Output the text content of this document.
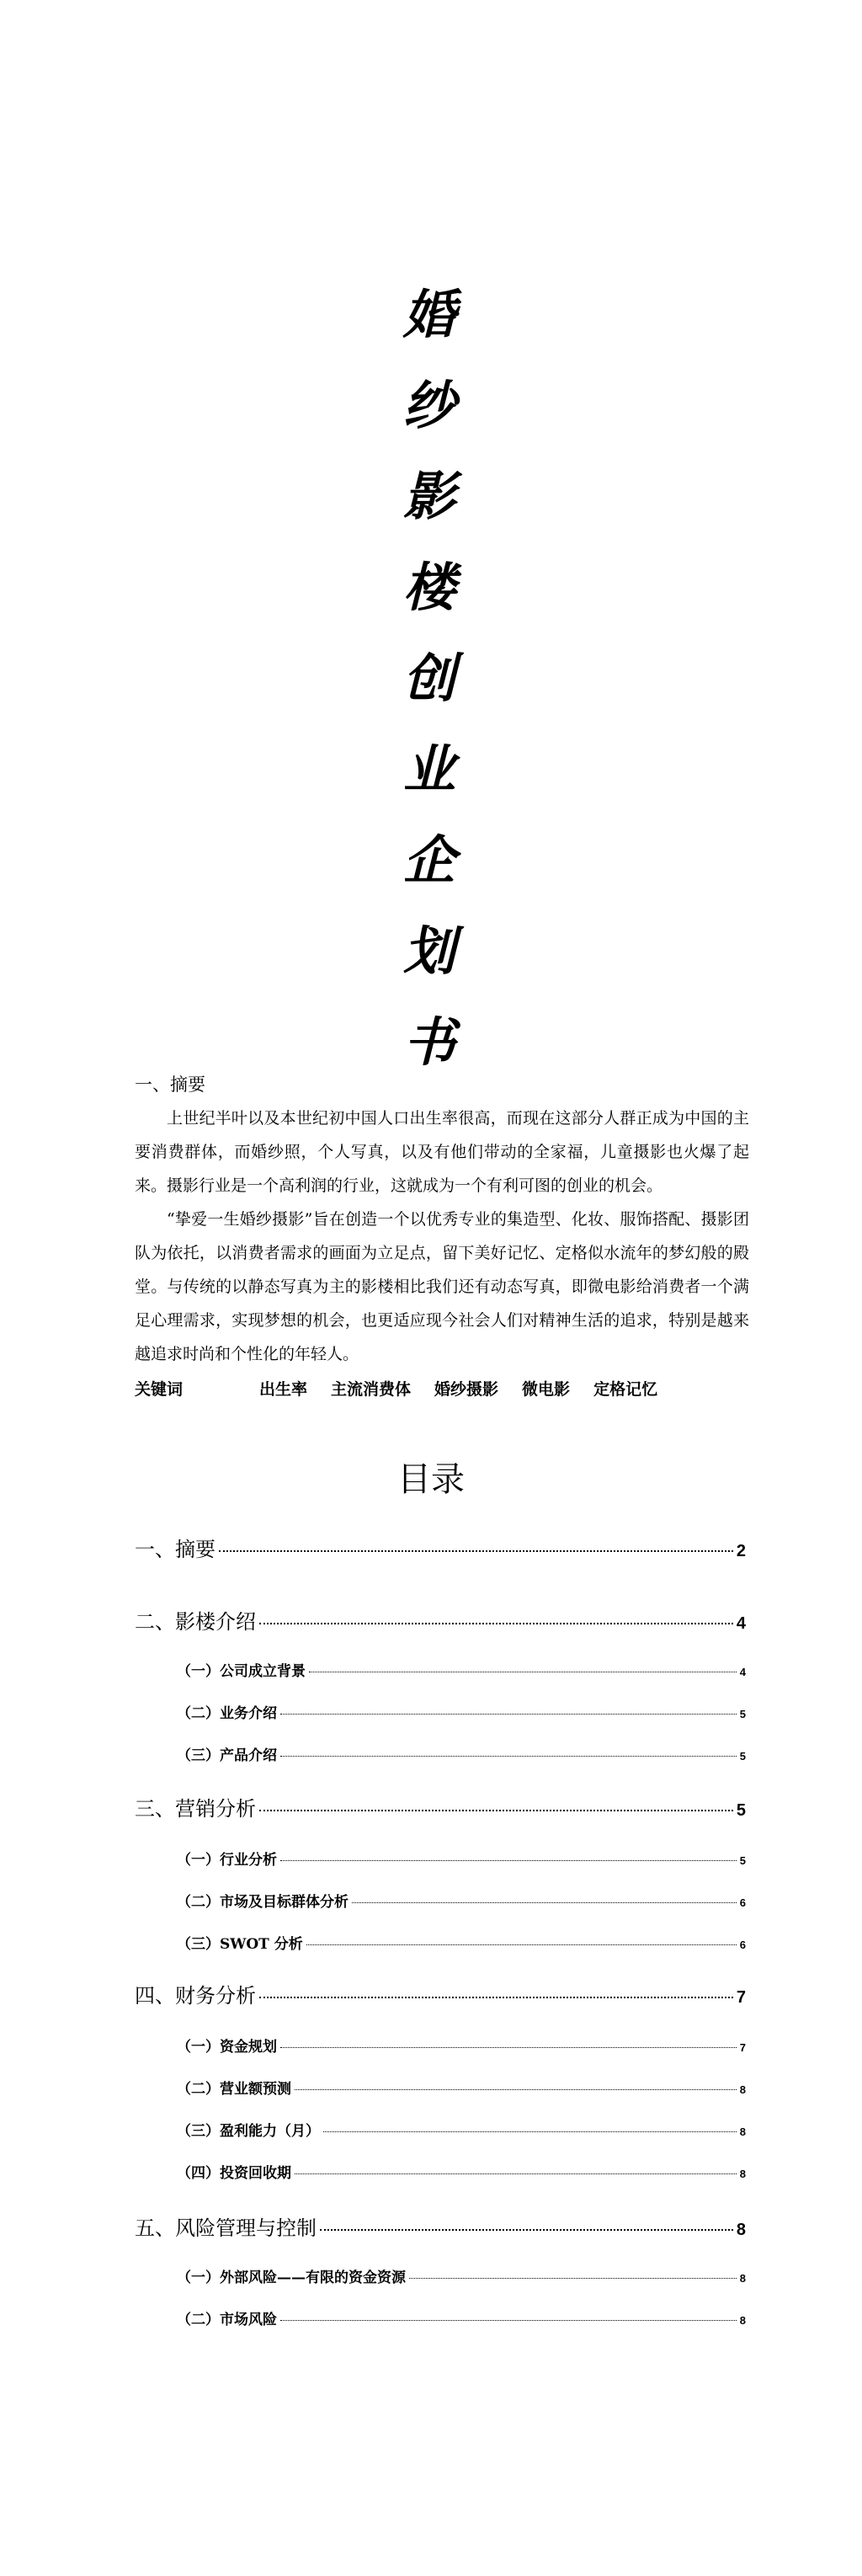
婚
纱
影
楼
创
业
企
划
书

一、摘要

上世纪半叶以及本世纪初中国人口出生率很高，而现在这部分人群正成为中国的主要消费群体，而婚纱照，个人写真，以及有他们带动的全家福，儿童摄影也火爆了起来。摄影行业是一个高利润的行业，这就成为一个有利可图的创业的机会。

“挚爱一生婚纱摄影”旨在创造一个以优秀专业的集造型、化妆、服饰搭配、摄影团队为依托，以消费者需求的画面为立足点，留下美好记忆、定格似水流年的梦幻般的殿堂。与传统的以静态写真为主的影楼相比我们还有动态写真，即微电影给消费者一个满足心理需求，实现梦想的机会，也更适应现今社会人们对精神生活的追求，特别是越来越追求时尚和个性化的年轻人。

关键词	出生率 主流消费体 婚纱摄影 微电影 定格记忆
目录
一、摘要	2
二、影楼介绍	4
（一）公司成立背景	4
（二）业务介绍	5
（三）产品介绍	5
三、营销分析	5
（一）行业分析	5
（二）市场及目标群体分析	6
（三）SWOT 分析	6
四、财务分析	7
（一）资金规划	7
（二）营业额预测	8
（三）盈利能力（月）	8
（四）投资回收期	8
五、风险管理与控制	8
（一）外部风险——有限的资金资源	8
（二）市场风险	8
